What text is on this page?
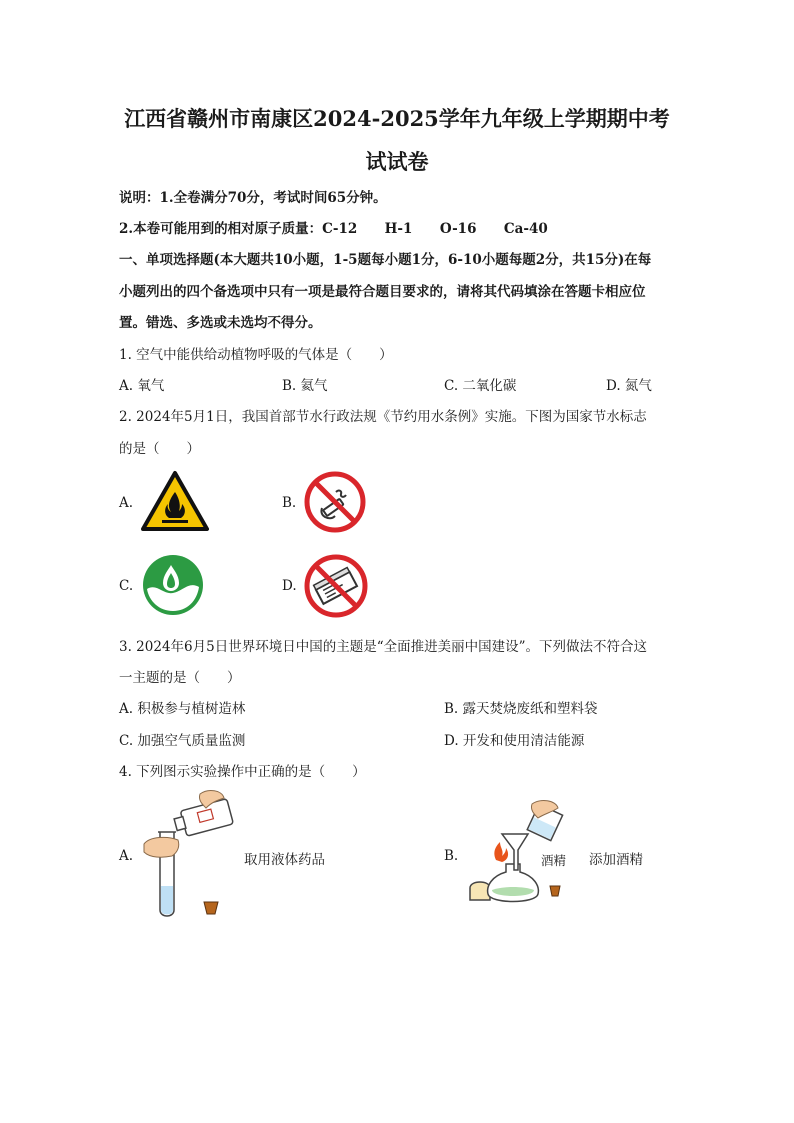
江西省赣州市南康区2024-2025学年九年级上学期期中考
试试卷
说明：1.全卷满分70分，考试时间65分钟。
2.本卷可能用到的相对原子质量：C-12 H-1 O-16 Ca-40
一、单项选择题(本大题共10小题，1-5题每小题1分，6-10小题每题2分，共15分)在每
小题列出的四个备选项中只有一项是最符合题目要求的，请将其代码填涂在答题卡相应位
置。错选、多选或未选均不得分。
1. 空气中能供给动植物呼吸的气体是（　　）
A. 氧气	B. 氦气	C. 二氧化碳	D. 氮气
2. 2024年5月1日，我国首部节水行政法规《节约用水条例》实施。下图为国家节水标志
的是（　　）
A.	B.
C.	D.
3. 2024年6月5日世界环境日中国的主题是“全面推进美丽中国建设”。下列做法不符合这
一主题的是（　　）
A. 积极参与植树造林	B. 露天焚烧废纸和塑料袋
C. 加强空气质量监测	D. 开发和使用清洁能源
4. 下列图示实验操作中正确的是（　　）
A.	取用液体药品	B.	酒精 添加酒精
